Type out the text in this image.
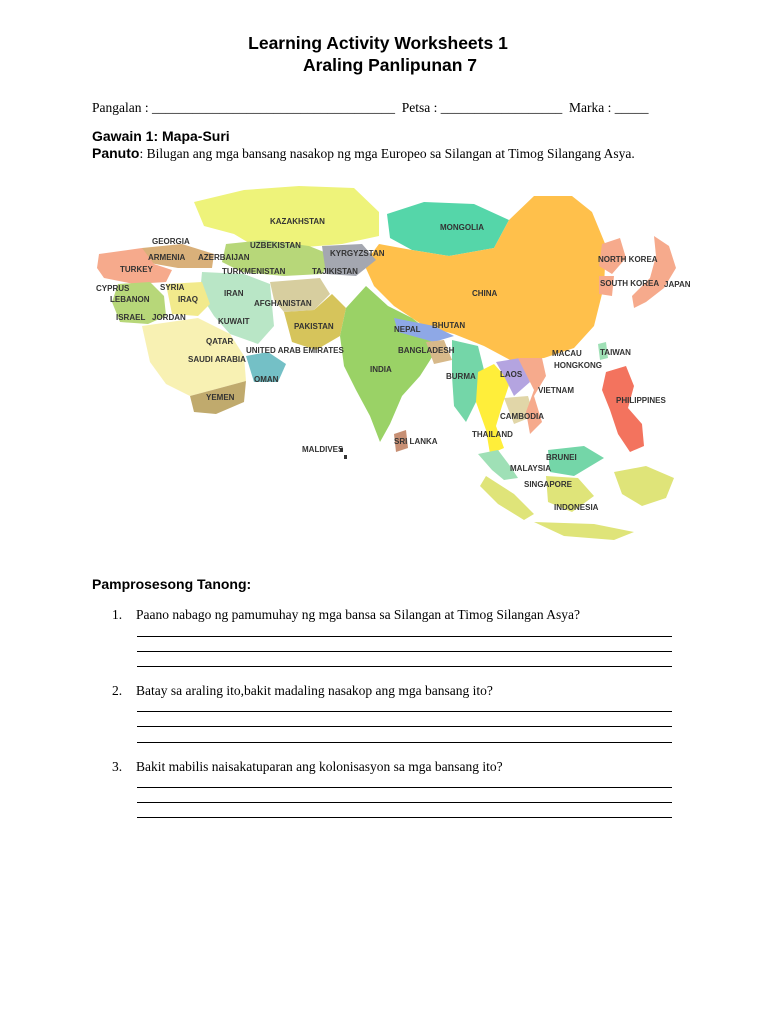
Learning Activity Worksheets 1
Araling Panlipunan 7
Pangalan : ____________________________________  Petsa : __________________  Marka : _____
Gawain 1: Mapa-Suri
Panuto: Bilugan ang mga bansang nasakop ng mga Europeo sa Silangan at Timog Silangang Asya.
KAZAKHSTAN
MONGOLIA
GEORGIA	UZBEKISTAN
KYRGYZSTAN
ARMENIA AZERBAIJAN
TURKEY	TURKMENISTAN	TAJIKISTAN
NORTH KOREA
CYPRUS	SYRIA
IRAN	CHINA
SOUTH KOREA JAPAN
LEBANON	IRAQ	AFGHANISTAN
ISRAEL JORDAN	KUWAIT
NEPAL BHUTAN
PAKISTAN
QATAR
UNITED ARAB EMIRATES	BANGLADESH	MACAU TAIWAN
SAUDI ARABIA
HONGKONG
INDIA
BURMA	LAOS
OMAN
VIETNAM
YEMEN	PHILIPPINES
CAMBODIA
THAILAND
MALDIVES
SRI LANKA
BRUNEI
MALAYSIA
SINGAPORE
INDONESIA
Pamprosesong Tanong:
1. Paano nabago ng pamumuhay ng mga bansa sa Silangan at Timog Silangan Asya?
2. Batay sa araling ito,bakit madaling nasakop ang mga bansang ito?
3. Bakit mabilis naisakatuparan ang kolonisasyon sa mga bansang ito?
